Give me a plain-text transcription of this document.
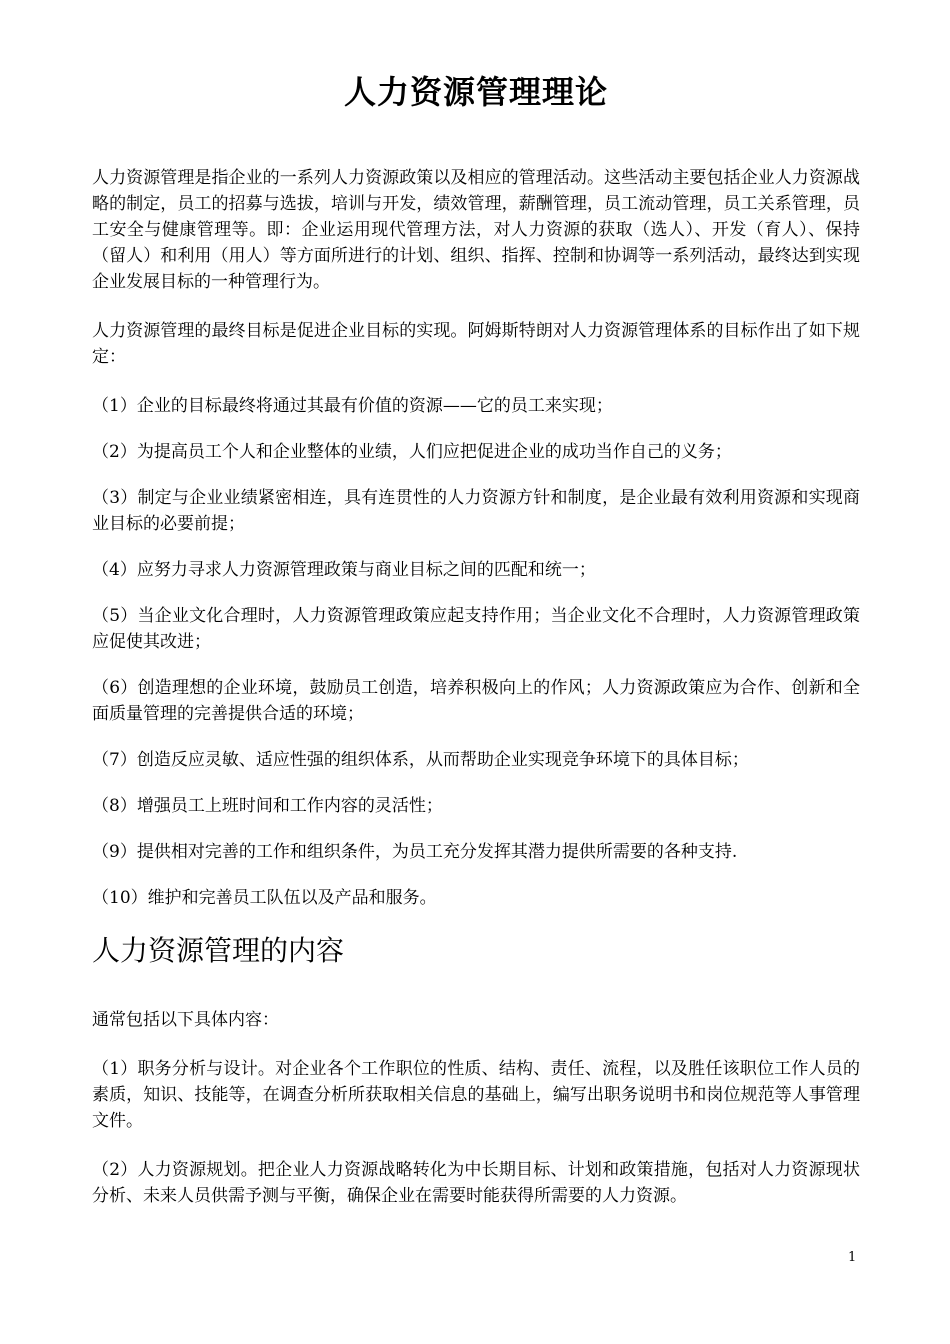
人力资源管理理论

人力资源管理是指企业的一系列人力资源政策以及相应的管理活动。这些活动主要包括企业人力资源战略的制定，员工的招募与选拔，培训与开发，绩效管理，薪酬管理，员工流动管理，员工关系管理，员工安全与健康管理等。即：企业运用现代管理方法，对人力资源的获取（选人）、开发（育人）、保持（留人）和利用（用人）等方面所进行的计划、组织、指挥、控制和协调等一系列活动，最终达到实现企业发展目标的一种管理行为。

人力资源管理的最终目标是促进企业目标的实现。阿姆斯特朗对人力资源管理体系的目标作出了如下规定：

（1）企业的目标最终将通过其最有价值的资源——它的员工来实现；

（2）为提高员工个人和企业整体的业绩，人们应把促进企业的成功当作自己的义务；

（3）制定与企业业绩紧密相连，具有连贯性的人力资源方针和制度，是企业最有效利用资源和实现商业目标的必要前提；

（4）应努力寻求人力资源管理政策与商业目标之间的匹配和统一；

（5）当企业文化合理时，人力资源管理政策应起支持作用；当企业文化不合理时，人力资源管理政策应促使其改进；

（6）创造理想的企业环境，鼓励员工创造，培养积极向上的作风；人力资源政策应为合作、创新和全面质量管理的完善提供合适的环境；

（7）创造反应灵敏、适应性强的组织体系，从而帮助企业实现竞争环境下的具体目标；

（8）增强员工上班时间和工作内容的灵活性；

（9）提供相对完善的工作和组织条件，为员工充分发挥其潜力提供所需要的各种支持.

（10）维护和完善员工队伍以及产品和服务。

人力资源管理的内容

通常包括以下具体内容：

（1）职务分析与设计。对企业各个工作职位的性质、结构、责任、流程，以及胜任该职位工作人员的素质，知识、技能等，在调查分析所获取相关信息的基础上，编写出职务说明书和岗位规范等人事管理文件。

（2）人力资源规划。把企业人力资源战略转化为中长期目标、计划和政策措施，包括对人力资源现状分析、未来人员供需予测与平衡，确保企业在需要时能获得所需要的人力资源。

1
